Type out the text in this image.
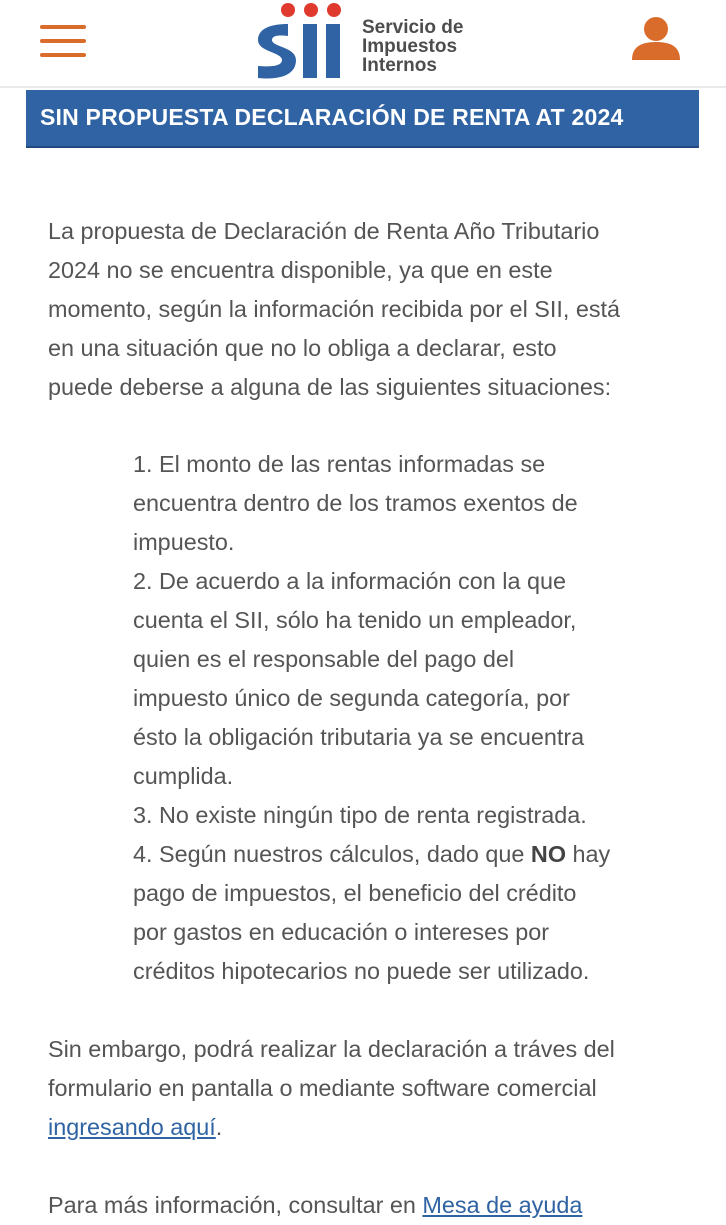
Servicio de
Impuestos
Internos
SIN PROPUESTA DECLARACIÓN DE RENTA AT 2024

La propuesta de Declaración de Renta Año Tributario
2024 no se encuentra disponible, ya que en este
momento, según la información recibida por el SII, está
en una situación que no lo obliga a declarar, esto
puede deberse a alguna de las siguientes situaciones:

1. El monto de las rentas informadas se
encuentra dentro de los tramos exentos de
impuesto.
2. De acuerdo a la información con la que
cuenta el SII, sólo ha tenido un empleador,
quien es el responsable del pago del
impuesto único de segunda categoría, por
ésto la obligación tributaria ya se encuentra
cumplida.
3. No existe ningún tipo de renta registrada.
4. Según nuestros cálculos, dado que NO hay
pago de impuestos, el beneficio del crédito
por gastos en educación o intereses por
créditos hipotecarios no puede ser utilizado.

Sin embargo, podrá realizar la declaración a tráves del
formulario en pantalla o mediante software comercial
ingresando aquí.

Para más información, consultar en Mesa de ayuda
